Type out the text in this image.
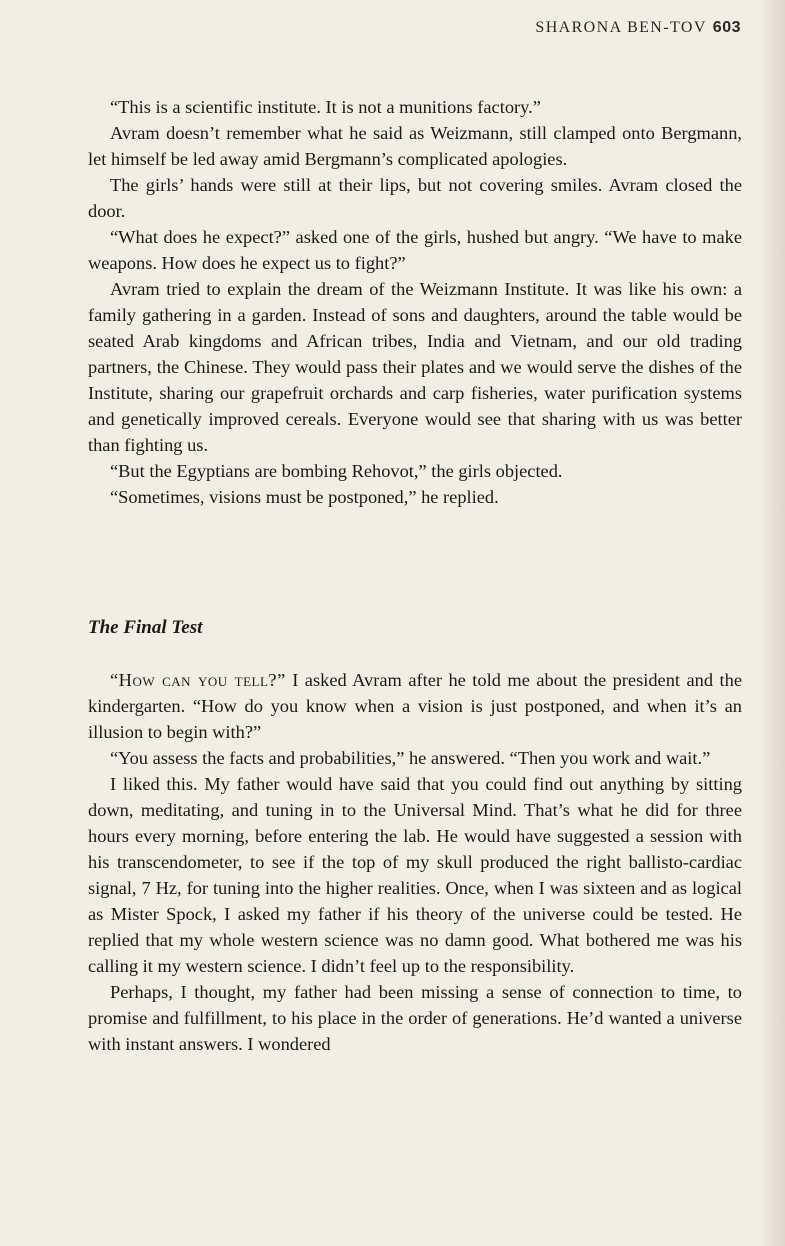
SHARONA BEN-TOV 603

“This is a scientific institute. It is not a munitions factory.”

Avram doesn’t remember what he said as Weizmann, still clamped onto Bergmann, let himself be led away amid Bergmann’s complicated apologies.

The girls’ hands were still at their lips, but not covering smiles. Avram closed the door.

“What does he expect?” asked one of the girls, hushed but angry. “We have to make weapons. How does he expect us to fight?”

Avram tried to explain the dream of the Weizmann Institute. It was like his own: a family gathering in a garden. Instead of sons and daughters, around the table would be seated Arab kingdoms and African tribes, India and Vietnam, and our old trading partners, the Chinese. They would pass their plates and we would serve the dishes of the Institute, sharing our grapefruit orchards and carp fisheries, water purification systems and genetically improved cereals. Everyone would see that sharing with us was better than fighting us.

“But the Egyptians are bombing Rehovot,” the girls objected.

“Sometimes, visions must be postponed,” he replied.

The Final Test

“How can you tell?” I asked Avram after he told me about the president and the kindergarten. “How do you know when a vision is just postponed, and when it’s an illusion to begin with?”

“You assess the facts and probabilities,” he answered. “Then you work and wait.”

I liked this. My father would have said that you could find out anything by sitting down, meditating, and tuning in to the Universal Mind. That’s what he did for three hours every morning, before entering the lab. He would have suggested a session with his transcendometer, to see if the top of my skull produced the right ballisto-cardiac signal, 7 Hz, for tuning into the higher realities. Once, when I was sixteen and as logical as Mister Spock, I asked my father if his theory of the universe could be tested. He replied that my whole western science was no damn good. What bothered me was his calling it my western science. I didn’t feel up to the responsibility.

Perhaps, I thought, my father had been missing a sense of connection to time, to promise and fulfillment, to his place in the order of generations. He’d wanted a universe with instant answers. I wondered
